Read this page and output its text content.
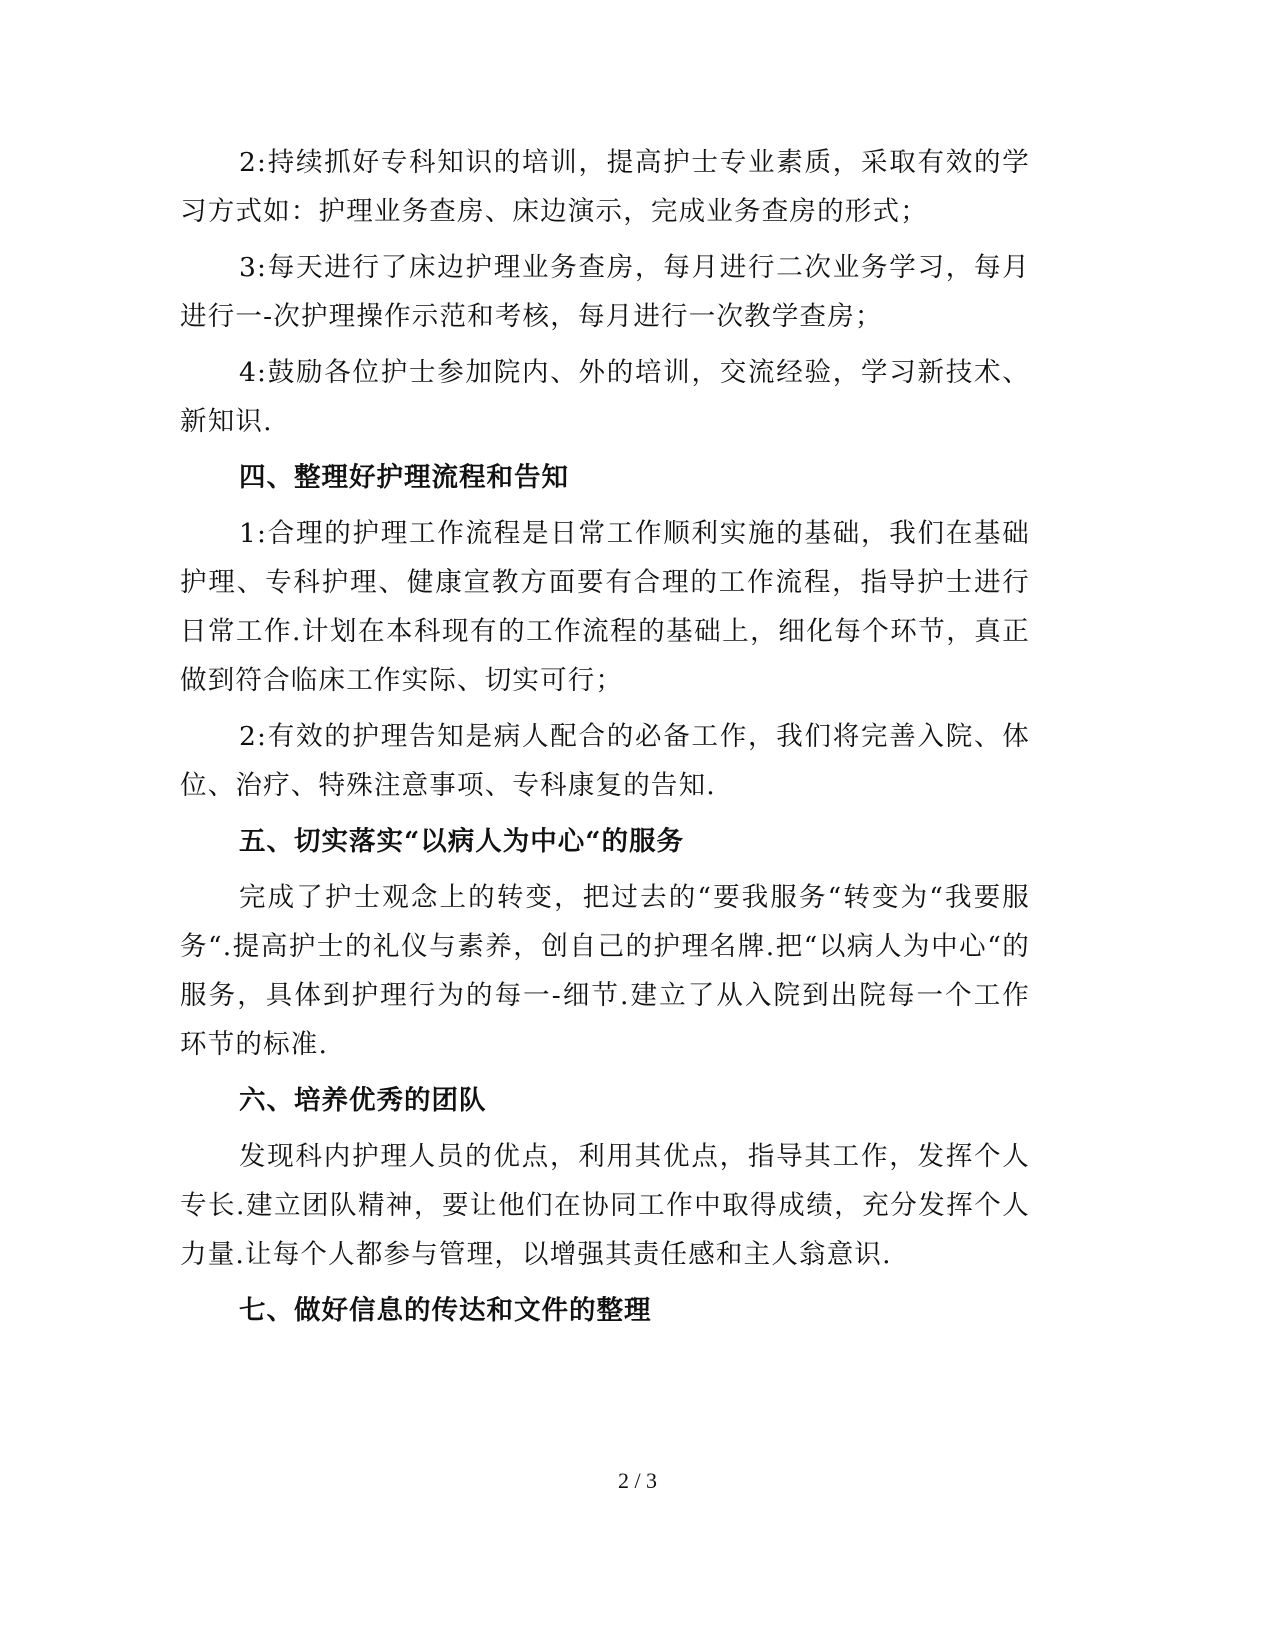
2:持续抓好专科知识的培训，提高护士专业素质，采取有效的学习方式如：护理业务查房、床边演示，完成业务查房的形式；

3:每天进行了床边护理业务查房，每月进行二次业务学习，每月进行一-次护理操作示范和考核，每月进行一次教学查房；

4:鼓励各位护士参加院内、外的培训，交流经验，学习新技术、新知识.

四、整理好护理流程和告知

1:合理的护理工作流程是日常工作顺利实施的基础，我们在基础护理、专科护理、健康宣教方面要有合理的工作流程，指导护士进行日常工作.计划在本科现有的工作流程的基础上，细化每个环节，真正做到符合临床工作实际、切实可行；

2:有效的护理告知是病人配合的必备工作，我们将完善入院、体位、治疗、特殊注意事项、专科康复的告知.

五、切实落实“以病人为中心“的服务

完成了护士观念上的转变，把过去的“要我服务“转变为“我要服务“.提高护士的礼仪与素养，创自己的护理名牌.把“以病人为中心“的服务，具体到护理行为的每一-细节.建立了从入院到出院每一个工作环节的标准.

六、培养优秀的团队

发现科内护理人员的优点，利用其优点，指导其工作，发挥个人专长.建立团队精神，要让他们在协同工作中取得成绩，充分发挥个人力量.让每个人都参与管理，以增强其责任感和主人翁意识.

七、做好信息的传达和文件的整理

2 / 3
